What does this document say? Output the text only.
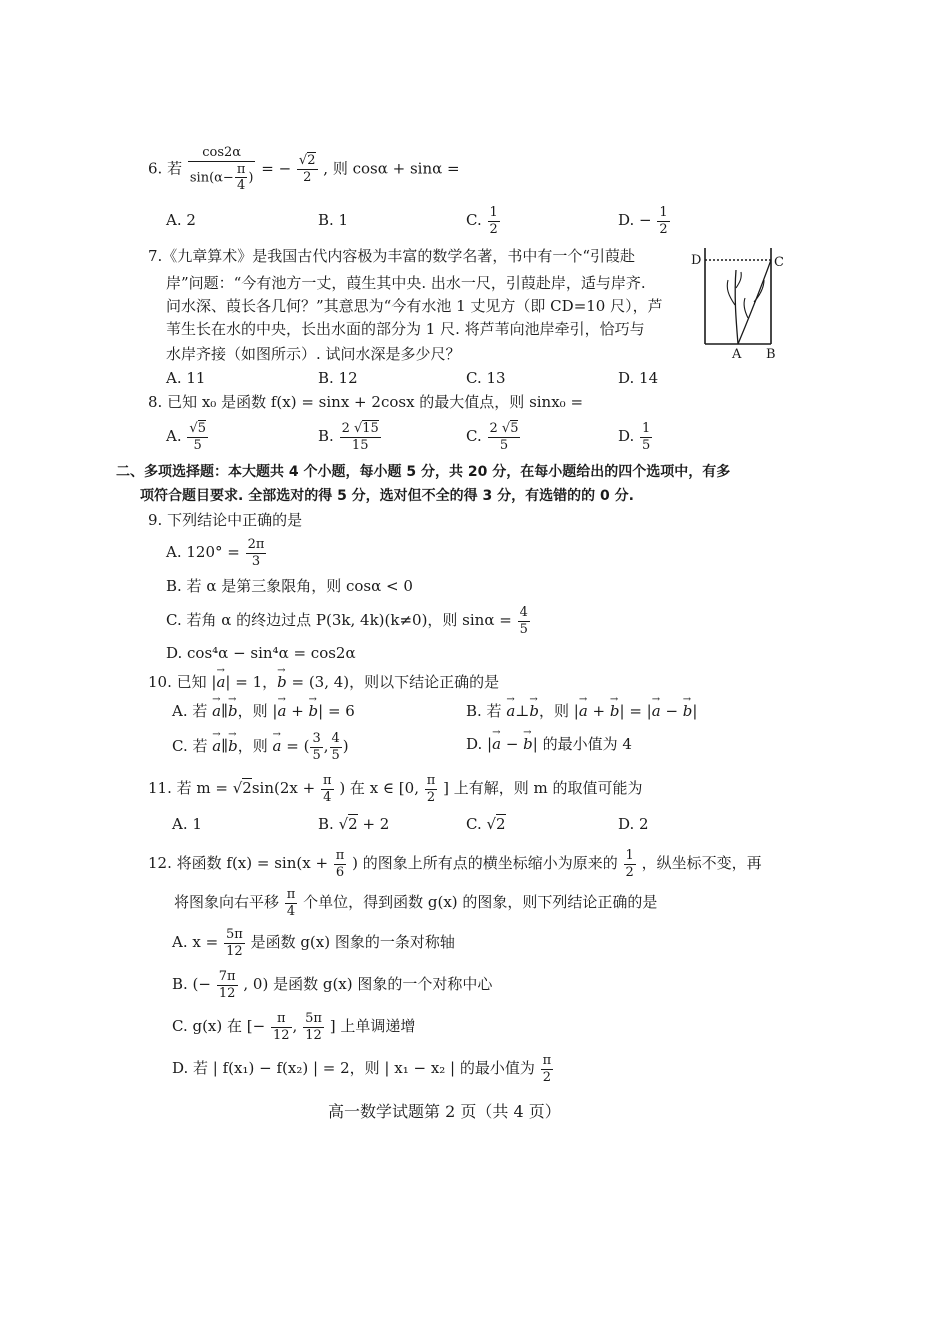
6. 若 $\frac{\cos 2\alpha}{\sin(\alpha- \frac{\pi}{4} )}$ = − $\frac{√2}{2}$ , 则 cosα + sinα =
A. 2	B. 1	C. $\frac{1}{2}$	D. − $\frac{1}{2}$
7.《九章算术》是我国古代内容极为丰富的数学名著，书中有一个“引葭赴
岸”问题：“今有池方一丈，葭生其中央. 出水一尺，引葭赴岸，适与岸齐.
问水深、葭长各几何？”其意思为“今有水池 1 丈见方（即 CD=10 尺），芦
苇生长在水的中央，长出水面的部分为 1 尺. 将芦苇向池岸牵引，恰巧与
水岸齐接（如图所示）. 试问水深是多少尺？
A. 11	B. 12	C. 13	D. 14
D	C
A B
8. 已知 x₀ 是函数 f(x) = sinx + 2cosx 的最大值点，则 sinx₀ =
A. $\frac{√5}{5}$	B. $\frac{2 √15}{15}$	C. $\frac{2 √5}{5}$	D. $\frac{1}{5}$
二、多项选择题：本大题共 4 个小题，每小题 5 分，共 20 分，在每小题给出的四个选项中，有多
项符合题目要求. 全部选对的得 5 分，选对但不全的得 3 分，有选错的的 0 分.
9. 下列结论中正确的是
A. $120^\circ = \frac{2\pi}{3}$
B. 若 α 是第三象限角，则 cosα < 0
C. 若角 α 的终边过点 P(3k, 4k)(k≠0)，则 $\sin\alpha = \frac{4}{5}$
D. cos⁴α − sin⁴α = cos2α
10. 已知 |→ a| = 1，→ b = (3, 4)，则以下结论正确的是
A. 若 → a∥→ b，则 |→ a + → b| = 6	B. 若 → a⊥→ b，则 |→ a + → b| = |→ a − → b|
C. 若 → a∥→ b，则 → a = ( $\frac{3}{5}$ , $\frac{4}{5}$ )	D. |→ a − → b| 的最小值为 4
11. 若 $m = √2\sin(2x + \frac{\pi}{4}$ ) 在 x ∈ [0, $\frac{\pi}{2}$ ] 上有解，则 m 的取值可能为
A. 1	B. √2 + 2	C. √2	D. 2
12. 将函数 $f(x) = \sin(x + \frac{\pi}{6}$ ) 的图象上所有点的横坐标缩小为原来的 $\frac{1}{2}$ ，纵坐标不变，再
将图象向右平移 $\frac{\pi}{4}$ 个单位，得到函数 g(x) 的图象，则下列结论正确的是
A. $x = \frac{5\pi}{12}$ 是函数 g(x) 图象的一条对称轴
B. (− $\frac{7\pi}{12}$ , 0) 是函数 g(x) 图象的一个对称中心
C. g(x) 在 [− $\frac{\pi}{12}$ , $\frac{5\pi}{12}$ ] 上单调递增
D. 若 | f(x₁) − f(x₂) | = 2，则 | x₁ − x₂ | 的最小值为 $\frac{\pi}{2}$
高一数学试题第 2 页（共 4 页）
